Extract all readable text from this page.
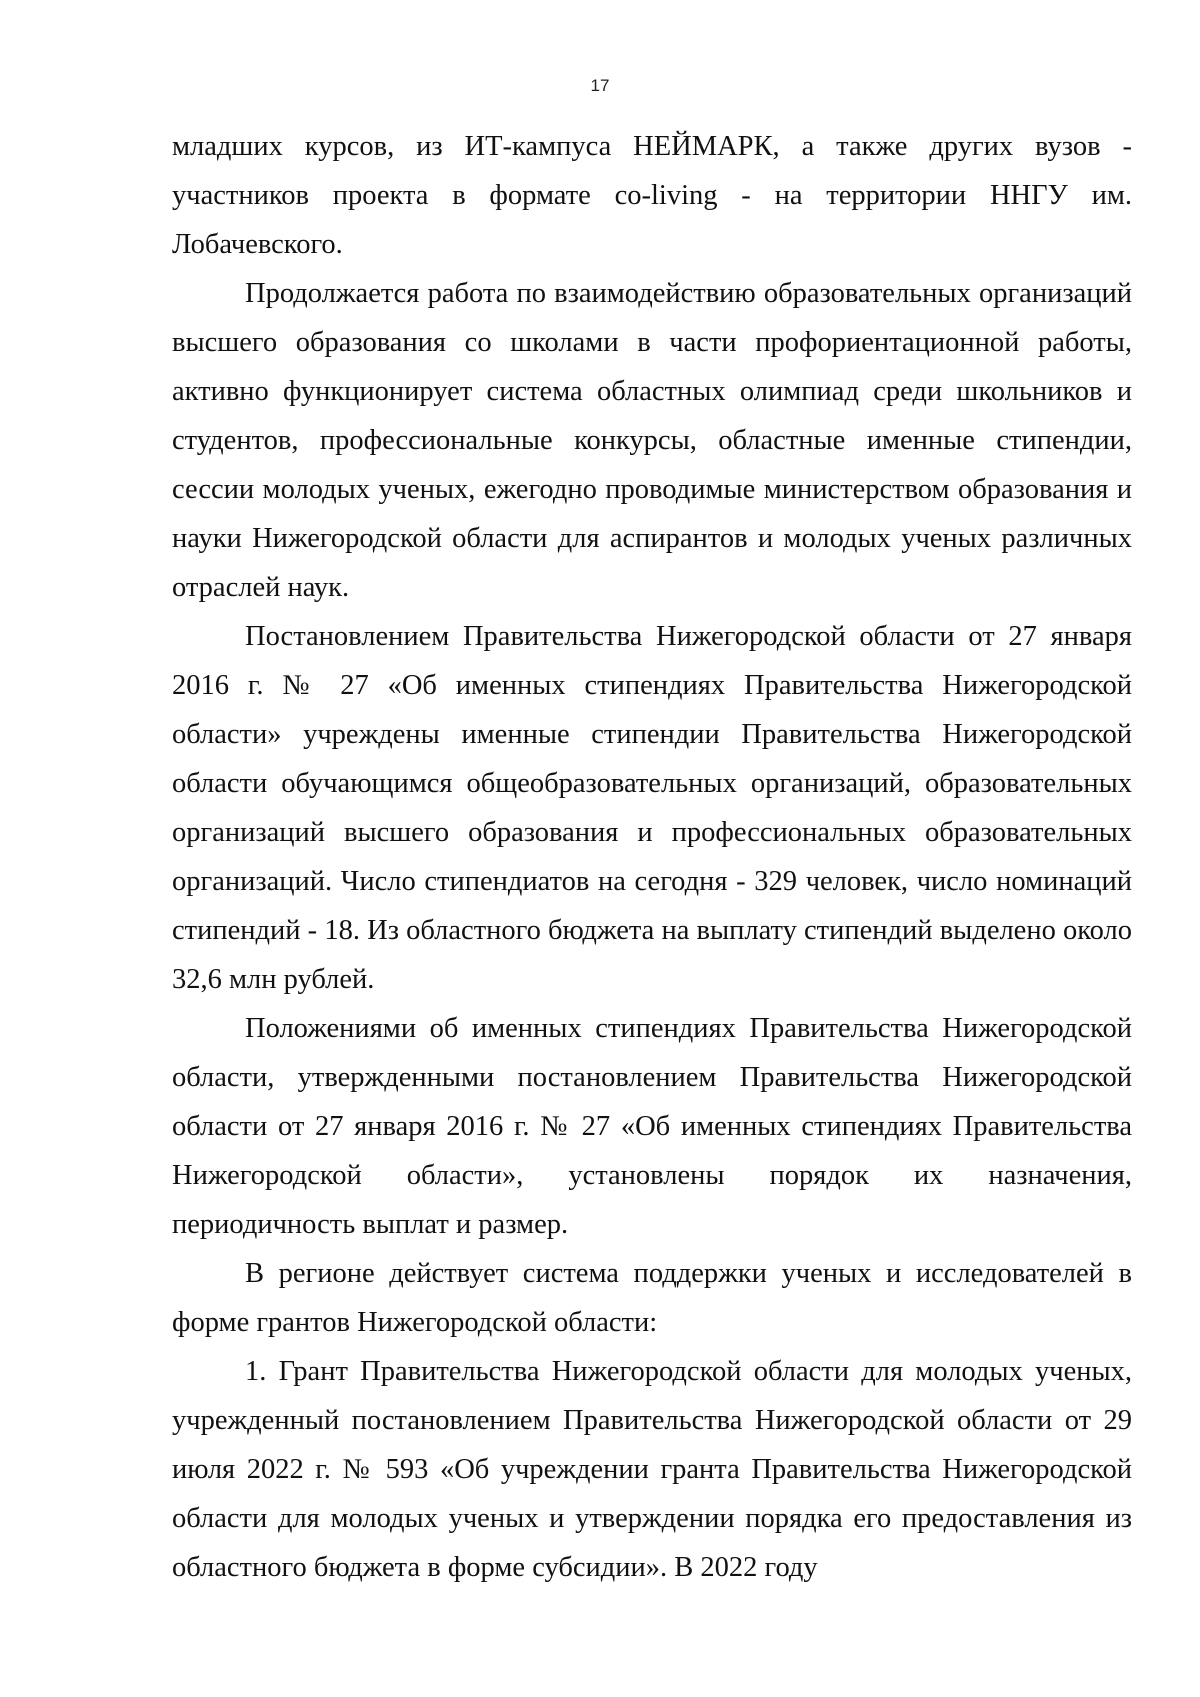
17

младших курсов, из ИТ-кампуса НЕЙМАРК, а также других вузов - участников проекта в формате co-living - на территории ННГУ им. Лобачевского.

Продолжается работа по взаимодействию образовательных организаций высшего образования со школами в части профориентационной работы, активно функционирует система областных олимпиад среди школьников и студентов, профессиональные конкурсы, областные именные стипендии, сессии молодых ученых, ежегодно проводимые министерством образования и науки Нижегородской области для аспирантов и молодых ученых различных отраслей наук.

Постановлением Правительства Нижегородской области от 27 января 2016 г. № 27 «Об именных стипендиях Правительства Нижегородской области» учреждены именные стипендии Правительства Нижегородской области обучающимся общеобразовательных организаций, образовательных организаций высшего образования и профессиональных образовательных организаций. Число стипендиатов на сегодня - 329 человек, число номинаций стипендий - 18. Из областного бюджета на выплату стипендий выделено около 32,6 млн рублей.

Положениями об именных стипендиях Правительства Нижегородской области, утвержденными постановлением Правительства Нижегородской области от 27 января 2016 г. № 27 «Об именных стипендиях Правительства Нижегородской области», установлены порядок их назначения, периодичность выплат и размер.

В регионе действует система поддержки ученых и исследователей в форме грантов Нижегородской области:

1. Грант Правительства Нижегородской области для молодых ученых, учрежденный постановлением Правительства Нижегородской области от 29 июля 2022 г. № 593 «Об учреждении гранта Правительства Нижегородской области для молодых ученых и утверждении порядка его предоставления из областного бюджета в форме субсидии». В 2022 году
